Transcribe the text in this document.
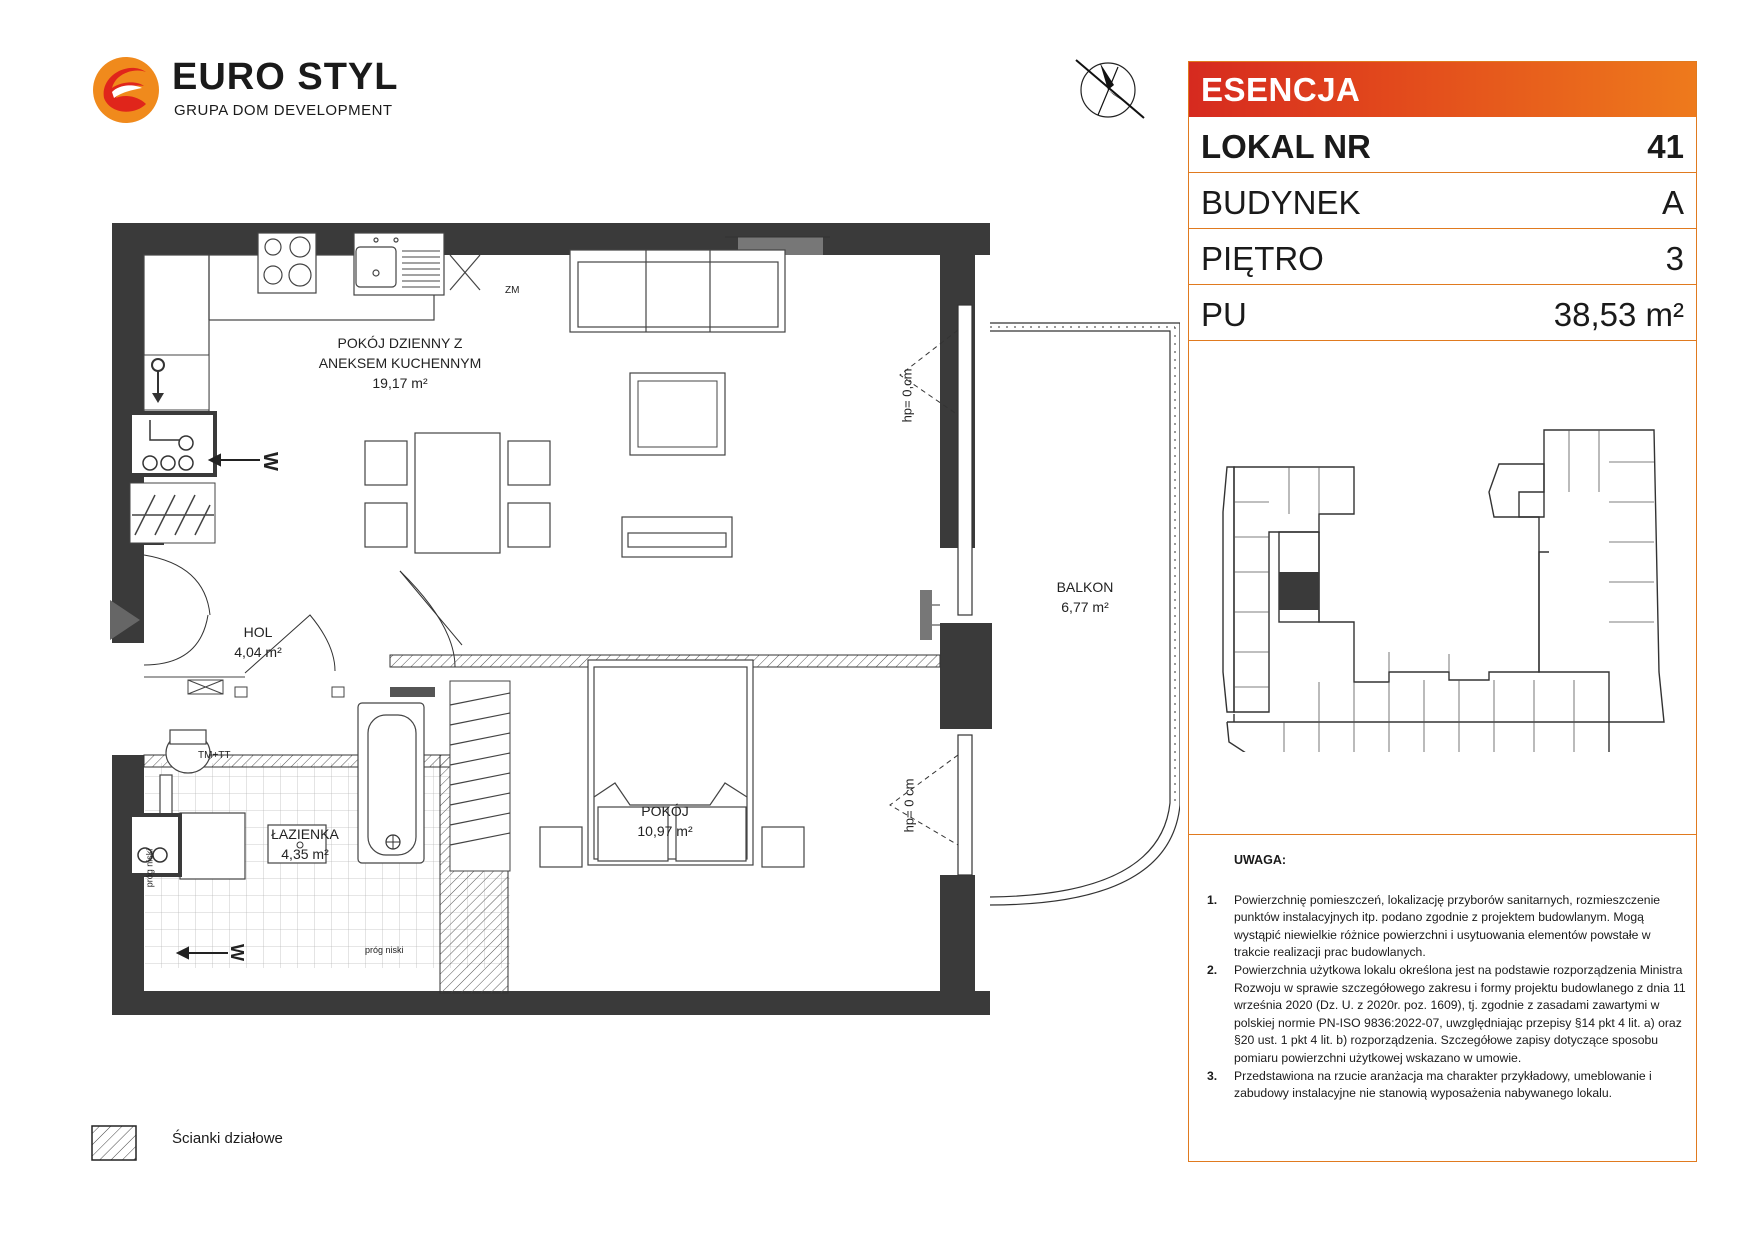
EURO STYL
GRUPA DOM DEVELOPMENT
ESENCJA
LOKAL NR	41
BUDYNEK	A
PIĘTRO	3
PU	38,53 m²
UWAGA:
1. Powierzchnię pomieszczeń, lokalizację przyborów sanitarnych, rozmieszczenie punktów instalacyjnych itp. podano zgodnie z projektem budowlanym. Mogą wystąpić niewielkie różnice powierzchni i usytuowania elementów powstałe w trakcie realizacji prac budowlanych.
2. Powierzchnia użytkowa lokalu określona jest na podstawie rozporządzenia Ministra Rozwoju w sprawie szczegółowego zakresu i formy projektu budowlanego z dnia 11 września 2020 (Dz. U. z 2020r. poz. 1609), tj. zgodnie z zasadami zawartymi w polskiej normie PN-ISO 9836:2022-07, uwzględniając przepisy §14 pkt 4 lit. a) oraz §20 ust. 1 pkt 4 lit. b) rozporządzenia. Szczegółowe zapisy dotyczące sposobu pomiaru powierzchni użytkowej wskazano w umowie.
3. Przedstawiona na rzucie aranżacja ma charakter przykładowy, umeblowanie i zabudowy instalacyjne nie stanowią wyposażenia nabywanego lokalu.
POKÓJ DZIENNY Z
ANEKSEM KUCHENNYM
19,17 m²
HOL
4,04 m²
ŁAZIENKA
4,35 m²
POKÓJ
10,97 m²
BALKON
6,77 m²
ZM
TM+TT
hp= 0,cm
hp= 0 cm
próg niski
próg niski
W
W
Ścianki działowe
